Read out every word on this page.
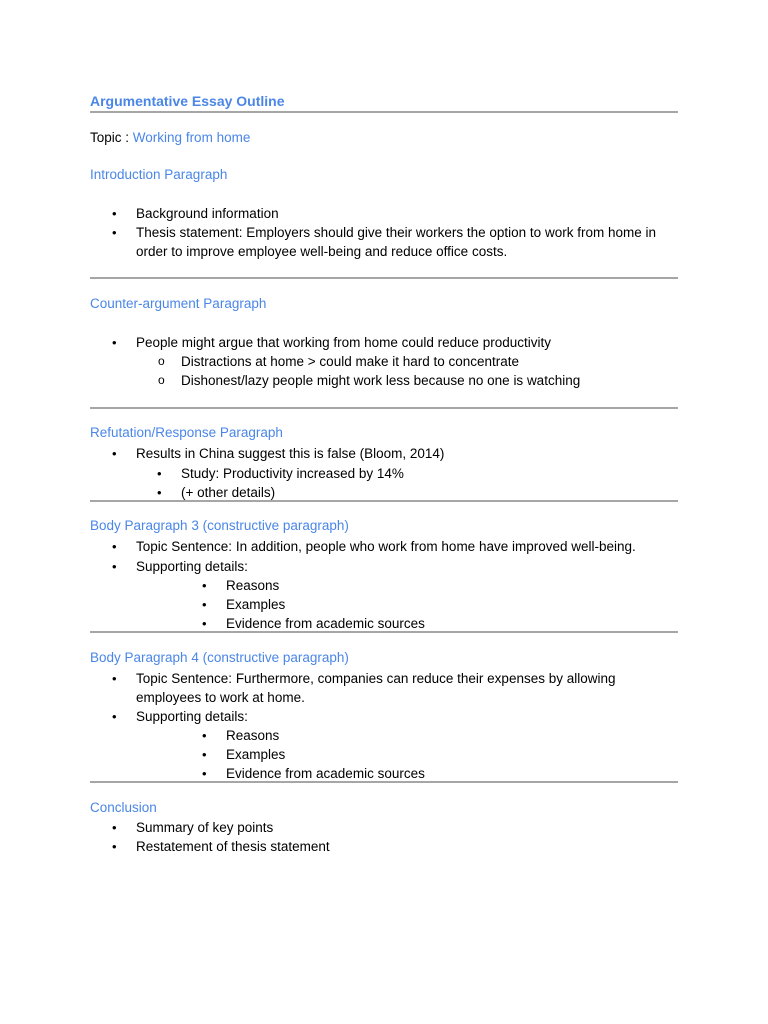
Argumentative Essay Outline
Topic : Working from home
Introduction Paragraph
• Background information
• Thesis statement: Employers should give their workers the option to work from home in order to improve employee well-being and reduce office costs.
Counter-argument Paragraph
• People might argue that working from home could reduce productivity
o Distractions at home > could make it hard to concentrate
o Dishonest/lazy people might work less because no one is watching
Refutation/Response Paragraph
• Results in China suggest this is false (Bloom, 2014)
• Study: Productivity increased by 14%
• (+ other details)
Body Paragraph 3 (constructive paragraph)
• Topic Sentence: In addition, people who work from home have improved well-being.
• Supporting details:
• Reasons
• Examples
• Evidence from academic sources
Body Paragraph 4 (constructive paragraph)
• Topic Sentence: Furthermore, companies can reduce their expenses by allowing employees to work at home.
• Supporting details:
• Reasons
• Examples
• Evidence from academic sources
Conclusion
• Summary of key points
• Restatement of thesis statement
